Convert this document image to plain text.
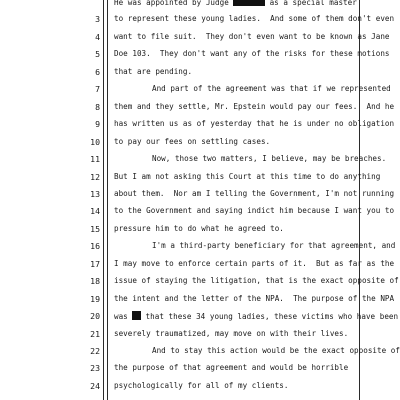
He was appointed by Judge	as a special master
3 to represent these young ladies.  And some of them don't even
4 want to file suit.  They don't even want to be known as Jane
5 Doe 103.  They don't want any of the risks for these motions
6 that are pending.
7	And part of the agreement was that if we represented
8 them and they settle, Mr. Epstein would pay our fees.  And he
9 has written us as of yesterday that he is under no obligation
10 to pay our fees on settling cases.
11	Now, those two matters, I believe, may be breaches.
12 But I am not asking this Court at this time to do anything
13 about them.  Nor am I telling the Government, I'm not running
14 to the Government and saying indict him because I want you to
15 pressure him to do what he agreed to.
16	I'm a third-party beneficiary for that agreement, and
17 I may move to enforce certain parts of it.  But as far as the
18 issue of staying the litigation, that is the exact opposite of
19 the intent and the letter of the NPA.  The purpose of the NPA
20 was  that these 34 young ladies, these victims who have been
21 severely traumatized, may move on with their lives.
22	And to stay this action would be the exact opposite of
23 the purpose of that agreement and would be horrible
24 psychologically for all of my clients.
